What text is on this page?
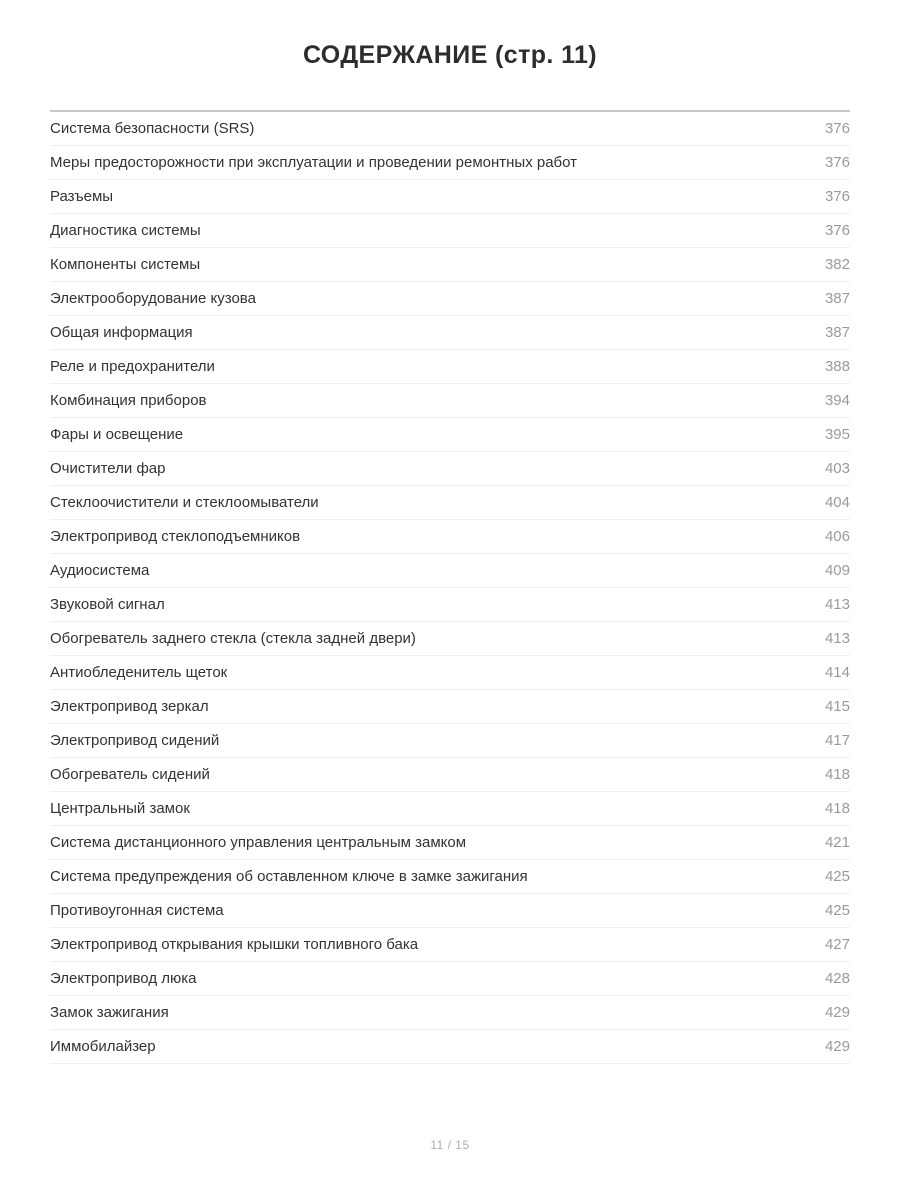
СОДЕРЖАНИЕ (стр. 11)
Система безопасности (SRS)	376
Меры предосторожности при эксплуатации и проведении ремонтных работ	376
Разъемы	376
Диагностика системы	376
Компоненты системы	382
Электрооборудование кузова	387
Общая информация	387
Реле и предохранители	388
Комбинация приборов	394
Фары и освещение	395
Очистители фар	403
Стеклоочистители и стеклоомыватели	404
Электропривод стеклоподъемников	406
Аудиосистема	409
Звуковой сигнал	413
Обогреватель заднего стекла (стекла задней двери)	413
Антиобледенитель щеток	414
Электропривод зеркал	415
Электропривод сидений	417
Обогреватель сидений	418
Центральный замок	418
Система дистанционного управления центральным замком	421
Система предупреждения об оставленном ключе в замке зажигания	425
Противоугонная система	425
Электропривод открывания крышки топливного бака	427
Электропривод люка	428
Замок зажигания	429
Иммобилайзер	429
11 / 15
